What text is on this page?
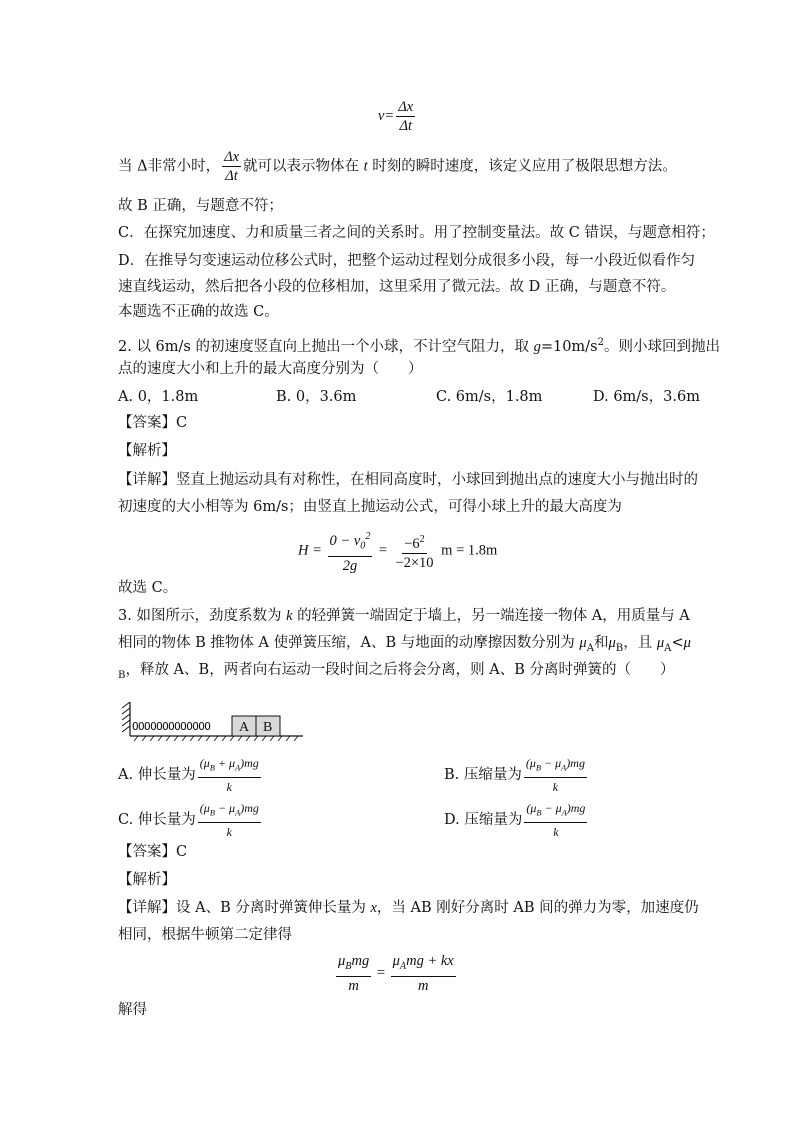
$v= \frac{\Delta x}{\Delta t}$
当 Δ非常小时， $\frac{\Delta x}{\Delta t}$ 就可以表示物体在 t 时刻的瞬时速度，该定义应用了极限思想方法。
故 B 正确，与题意不符；
C．在探究加速度、力和质量三者之间的关系时。用了控制变量法。故 C 错误，与题意相符；
D．在推导匀变速运动位移公式时，把整个运动过程划分成很多小段，每一小段近似看作匀
速直线运动，然后把各小段的位移相加，这里采用了微元法。故 D 正确，与题意不符。
本题选不正确的故选 C。
2. 以 6m/s 的初速度竖直向上抛出一个小球，不计空气阻力，取 $g=10m/s^2$。则小球回到抛出
点的速度大小和上升的最大高度分别为（　　）
A. 0，1.8m	B. 0，3.6m	C. 6m/s，1.8m	D. 6m/s，3.6m
【答案】C
【解析】
【详解】竖直上抛运动具有对称性，在相同高度时，小球回到抛出点的速度大小与抛出时的
初速度的大小相等为 6m/s；由竖直上抛运动公式，可得小球上升的最大高度为
$H = \frac{0 - v_0^2}{2g} = \frac{-6^2}{-2\times 10}$ m = 1.8m
故选 C。
3. 如图所示，劲度系数为 k 的轻弹簧一端固定于墙上，另一端连接一物体 A，用质量与 A
相同的物体 B 推物体 A 使弹簧压缩，A、B 与地面的动摩擦因数分别为 $\mu_A$和$\mu_B$，且 $\mu_A<\mu$
$_B$，释放 A、B，两者向右运动一段时间之后将会分离，则 A、B 分离时弹簧的（　　）
OOOOOOOOOOOOO A B
A. 伸长量为 $\frac{(\mu_B + \mu_A)mg}{k}$	B. 压缩量为 $\frac{(\mu_B - \mu_A)mg}{k}$
C. 伸长量为 $\frac{(\mu_B - \mu_A)mg}{k}$	D. 压缩量为 $\frac{(\mu_B - \mu_A)mg}{k}$
【答案】C
【解析】
【详解】设 A、B 分离时弹簧伸长量为 x，当 AB 刚好分离时 AB 间的弹力为零，加速度仍
相同，根据牛顿第二定律得
$\frac{\mu_Bmg}{m} = \frac{\mu_Amg + kx}{m}$
解得
